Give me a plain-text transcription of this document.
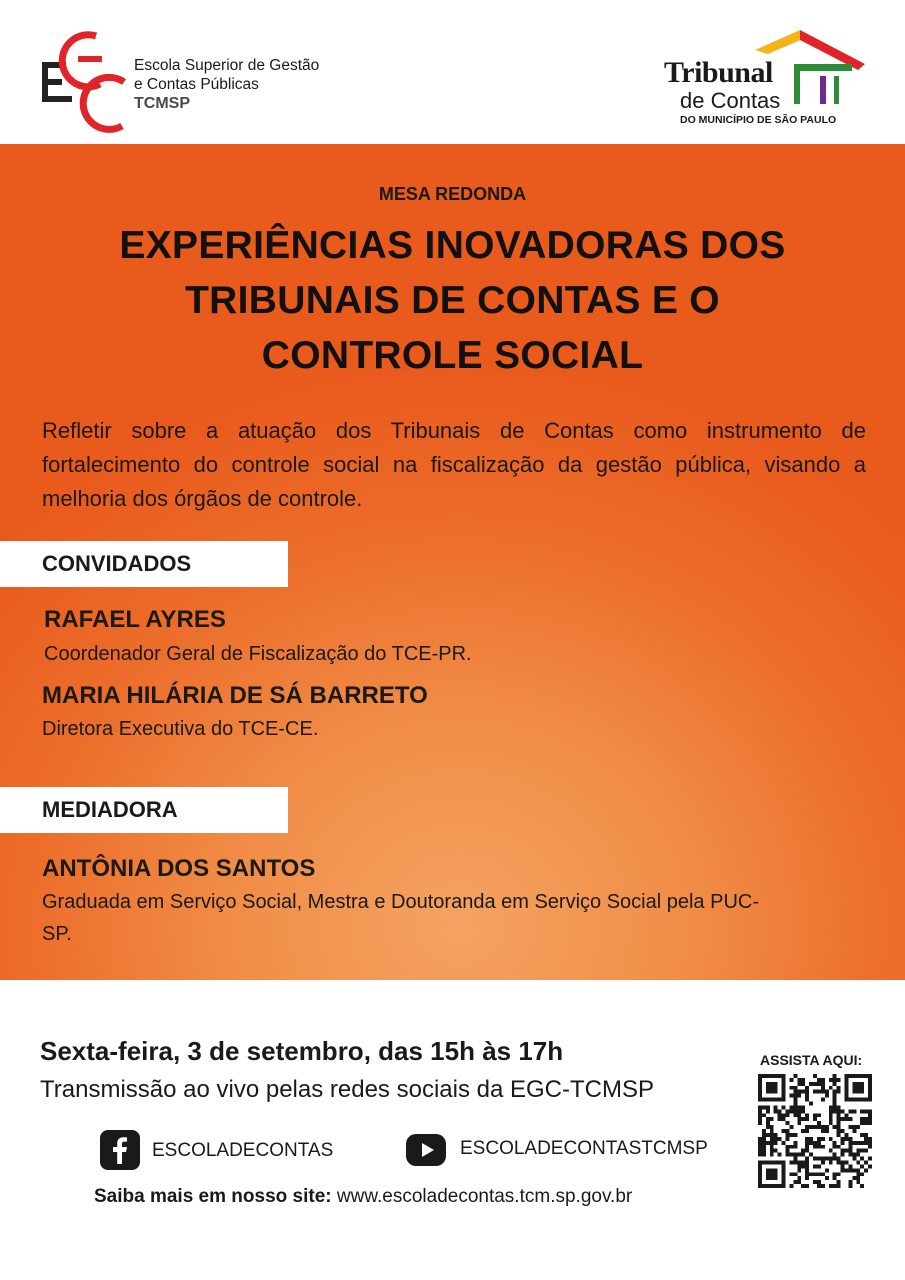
Escola Superior de Gestão
e Contas Públicas
TCMSP
Tribunal
de Contas
DO MUNICÍPIO DE SÃO PAULO
MESA REDONDA
EXPERIÊNCIAS INOVADORAS DOS
TRIBUNAIS DE CONTAS E O
CONTROLE SOCIAL
Refletir sobre a atuação dos Tribunais de Contas como instrumento de fortalecimento do controle social na fiscalização da gestão pública, visando a melhoria dos órgãos de controle.
CONVIDADOS
RAFAEL AYRES
Coordenador Geral de Fiscalização do TCE-PR.
MARIA HILÁRIA DE SÁ BARRETO
Diretora Executiva do TCE-CE.
MEDIADORA
ANTÔNIA DOS SANTOS
Graduada em Serviço Social, Mestra e Doutoranda em Serviço Social pela PUC-
SP.
Sexta-feira, 3 de setembro, das 15h às 17h
Transmissão ao vivo pelas redes sociais da EGC-TCMSP
ESCOLADECONTAS	ESCOLADECONTASTCMSP
Saiba mais em nosso site: www.escoladecontas.tcm.sp.gov.br
ASSISTA AQUI:
